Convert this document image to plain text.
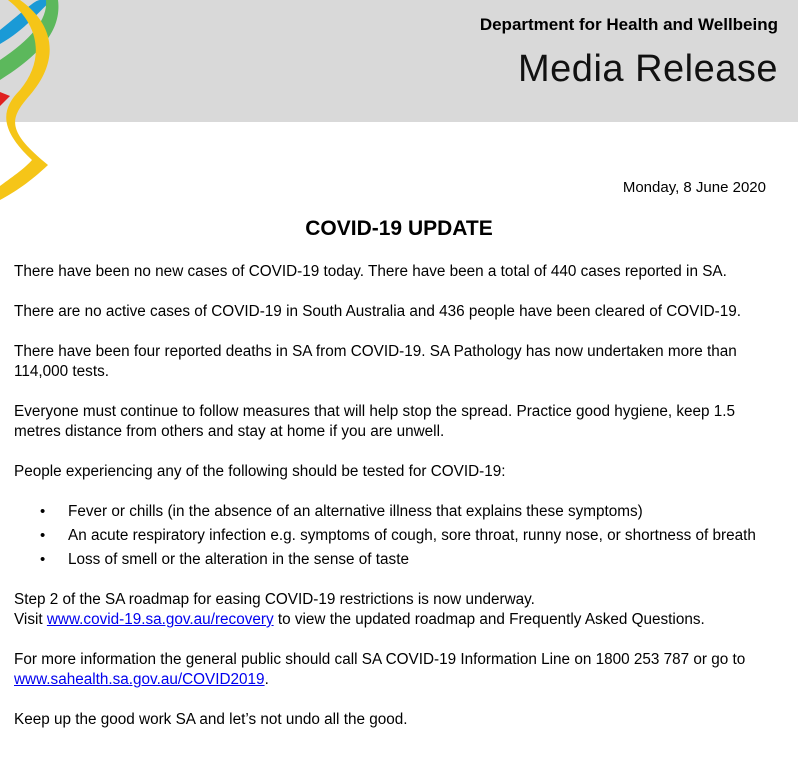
Department for Health and Wellbeing
Media Release
Monday, 8 June 2020
COVID-19 UPDATE

There have been no new cases of COVID-19 today. There have been a total of 440 cases reported in SA.

There are no active cases of COVID-19 in South Australia and 436 people have been cleared of COVID-19.

There have been four reported deaths in SA from COVID-19. SA Pathology has now undertaken more than 114,000 tests.

Everyone must continue to follow measures that will help stop the spread. Practice good hygiene, keep 1.5 metres distance from others and stay at home if you are unwell.

People experiencing any of the following should be tested for COVID-19:

• Fever or chills (in the absence of an alternative illness that explains these symptoms)
• An acute respiratory infection e.g. symptoms of cough, sore throat, runny nose, or shortness of breath
• Loss of smell or the alteration in the sense of taste

Step 2 of the SA roadmap for easing COVID-19 restrictions is now underway.
Visit www.covid-19.sa.gov.au/recovery to view the updated roadmap and Frequently Asked Questions.

For more information the general public should call SA COVID-19 Information Line on 1800 253 787 or go to www.sahealth.sa.gov.au/COVID2019.

Keep up the good work SA and let’s not undo all the good.
